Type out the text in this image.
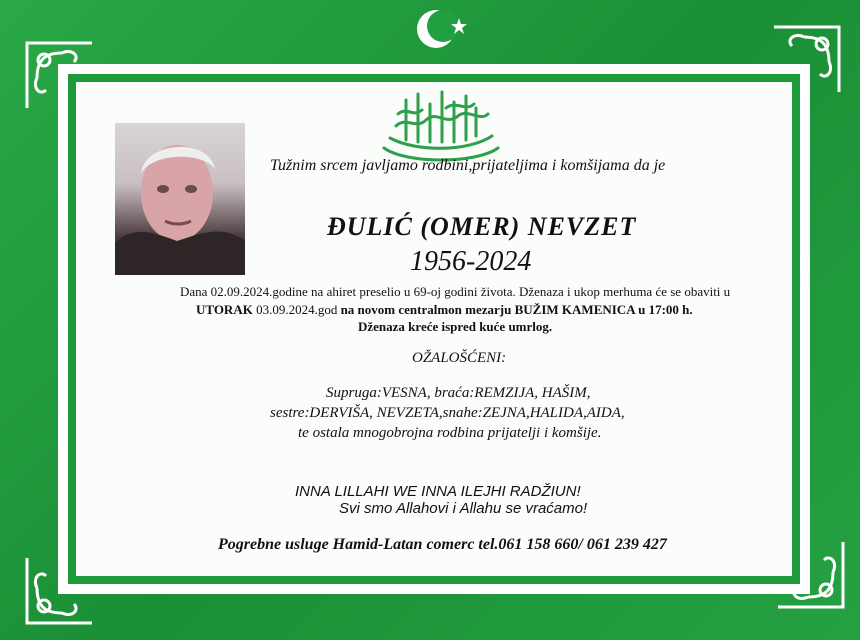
Tužnim srcem javljamo rodbini,prijateljima i komšijama da je
ĐULIĆ (OMER) NEVZET
1956-2024
Dana 02.09.2024.godine na ahiret preselio u 69-oj godini života. Dženaza i ukop merhuma će se obaviti u
UTORAK 03.09.2024.god na novom centralmon mezarju BUŽIM KAMENICA u 17:00 h.
Dženaza kreće ispred kuće umrlog.
OŽALOŠĆENI:
Supruga:VESNA, braća:REMZIJA, HAŠIM,
sestre:DERVIŠA, NEVZETA,snahe:ZEJNA,HALIDA,AIDA,
te ostala mnogobrojna rodbina prijatelji i komšije.
INNA LILLAHI WE INNA ILEJHI RADŽIUN!
Svi smo Allahovi i Allahu se vraćamo!
Pogrebne usluge Hamid-Latan comerc tel.061 158 660/ 061 239 427
